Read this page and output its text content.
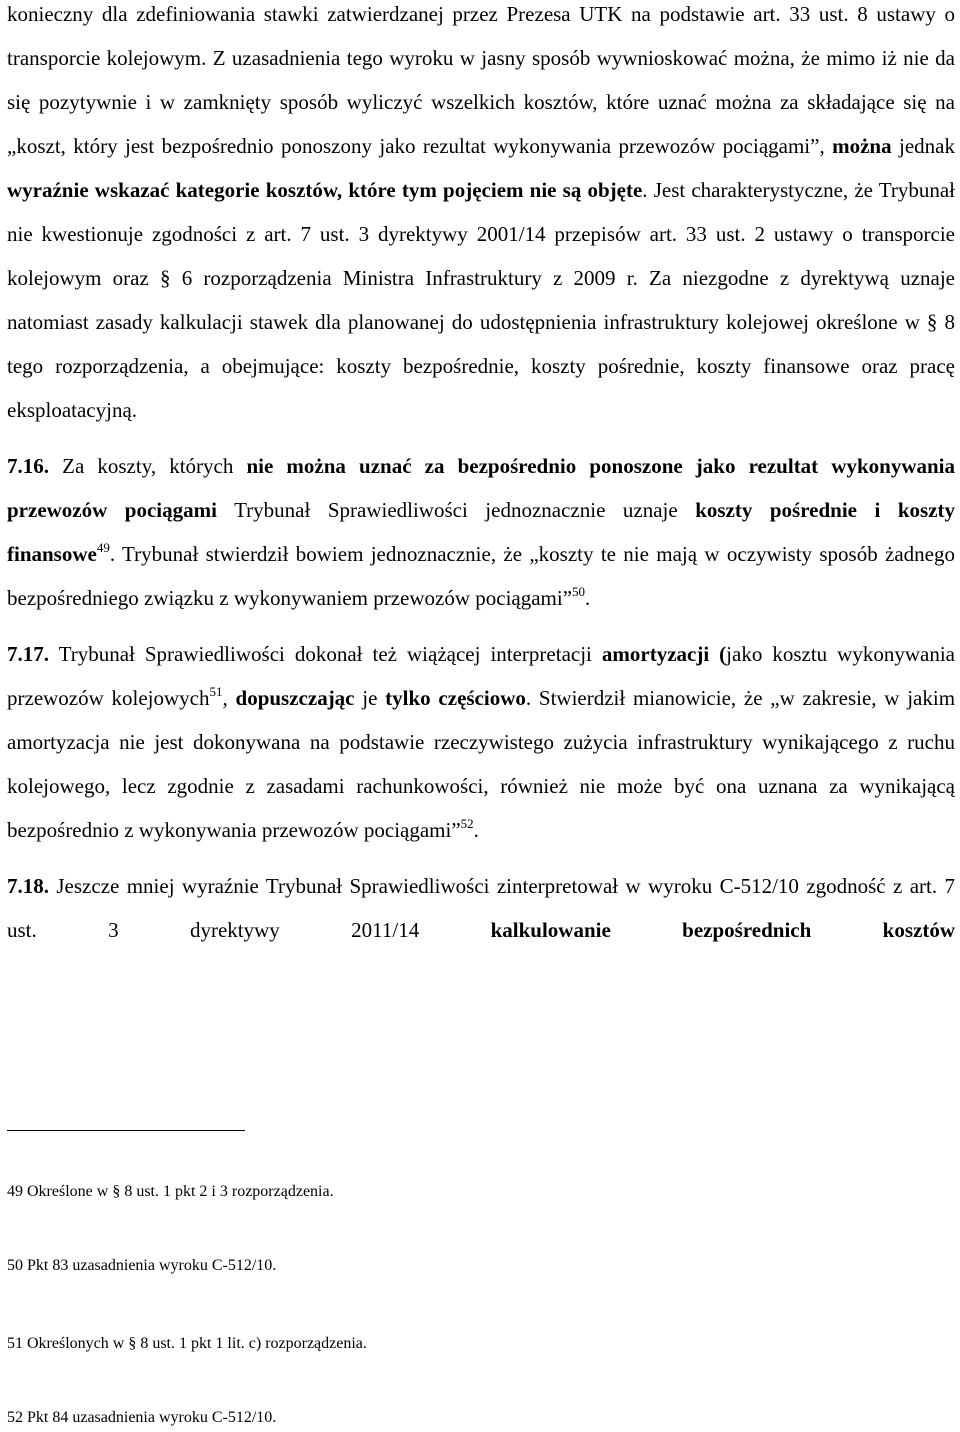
konieczny dla zdefiniowania stawki zatwierdzanej przez Prezesa UTK na podstawie art. 33 ust. 8 ustawy o transporcie kolejowym. Z uzasadnienia tego wyroku w jasny sposób wywnioskować można, że mimo iż nie da się pozytywnie i w zamknięty sposób wyliczyć wszelkich kosztów, które uznać można za składające się na „koszt, który jest bezpośrednio ponoszony jako rezultat wykonywania przewozów pociągami”, można jednak wyraźnie wskazać kategorie kosztów, które tym pojęciem nie są objęte. Jest charakterystyczne, że Trybunał nie kwestionuje zgodności z art. 7 ust. 3 dyrektywy 2001/14 przepisów art. 33 ust. 2 ustawy o transporcie kolejowym oraz § 6 rozporządzenia Ministra Infrastruktury z 2009 r. Za niezgodne z dyrektywą uznaje natomiast zasady kalkulacji stawek dla planowanej do udostępnienia infrastruktury kolejowej określone w § 8 tego rozporządzenia, a obejmujące: koszty bezpośrednie, koszty pośrednie, koszty finansowe oraz pracę eksploatacyjną.

7.16. Za koszty, których nie można uznać za bezpośrednio ponoszone jako rezultat wykonywania przewozów pociągami Trybunał Sprawiedliwości jednoznacznie uznaje koszty pośrednie i koszty finansowe$^{49}$. Trybunał stwierdził bowiem jednoznacznie, że „koszty te nie mają w oczywisty sposób żadnego bezpośredniego związku z wykonywaniem przewozów pociągami”$^{50}$.

7.17. Trybunał Sprawiedliwości dokonał też wiążącej interpretacji amortyzacji (jako kosztu wykonywania przewozów kolejowych$^{51}$, dopuszczając je tylko częściowo. Stwierdził mianowicie, że „w zakresie, w jakim amortyzacja nie jest dokonywana na podstawie rzeczywistego zużycia infrastruktury wynikającego z ruchu kolejowego, lecz zgodnie z zasadami rachunkowości, również nie może być ona uznana za wynikającą bezpośrednio z wykonywania przewozów pociągami”$^{52}$.

7.18. Jeszcze mniej wyraźnie Trybunał Sprawiedliwości zinterpretował w wyroku C-512/10 zgodność z art. 7 ust. 3 dyrektywy 2011/14 kalkulowanie bezpośrednich kosztów

49 Określone w § 8 ust. 1 pkt 2 i 3 rozporządzenia.

50 Pkt 83 uzasadnienia wyroku C-512/10.

51 Określonych w § 8 ust. 1 pkt 1 lit. c) rozporządzenia.

52 Pkt 84 uzasadnienia wyroku C-512/10.
